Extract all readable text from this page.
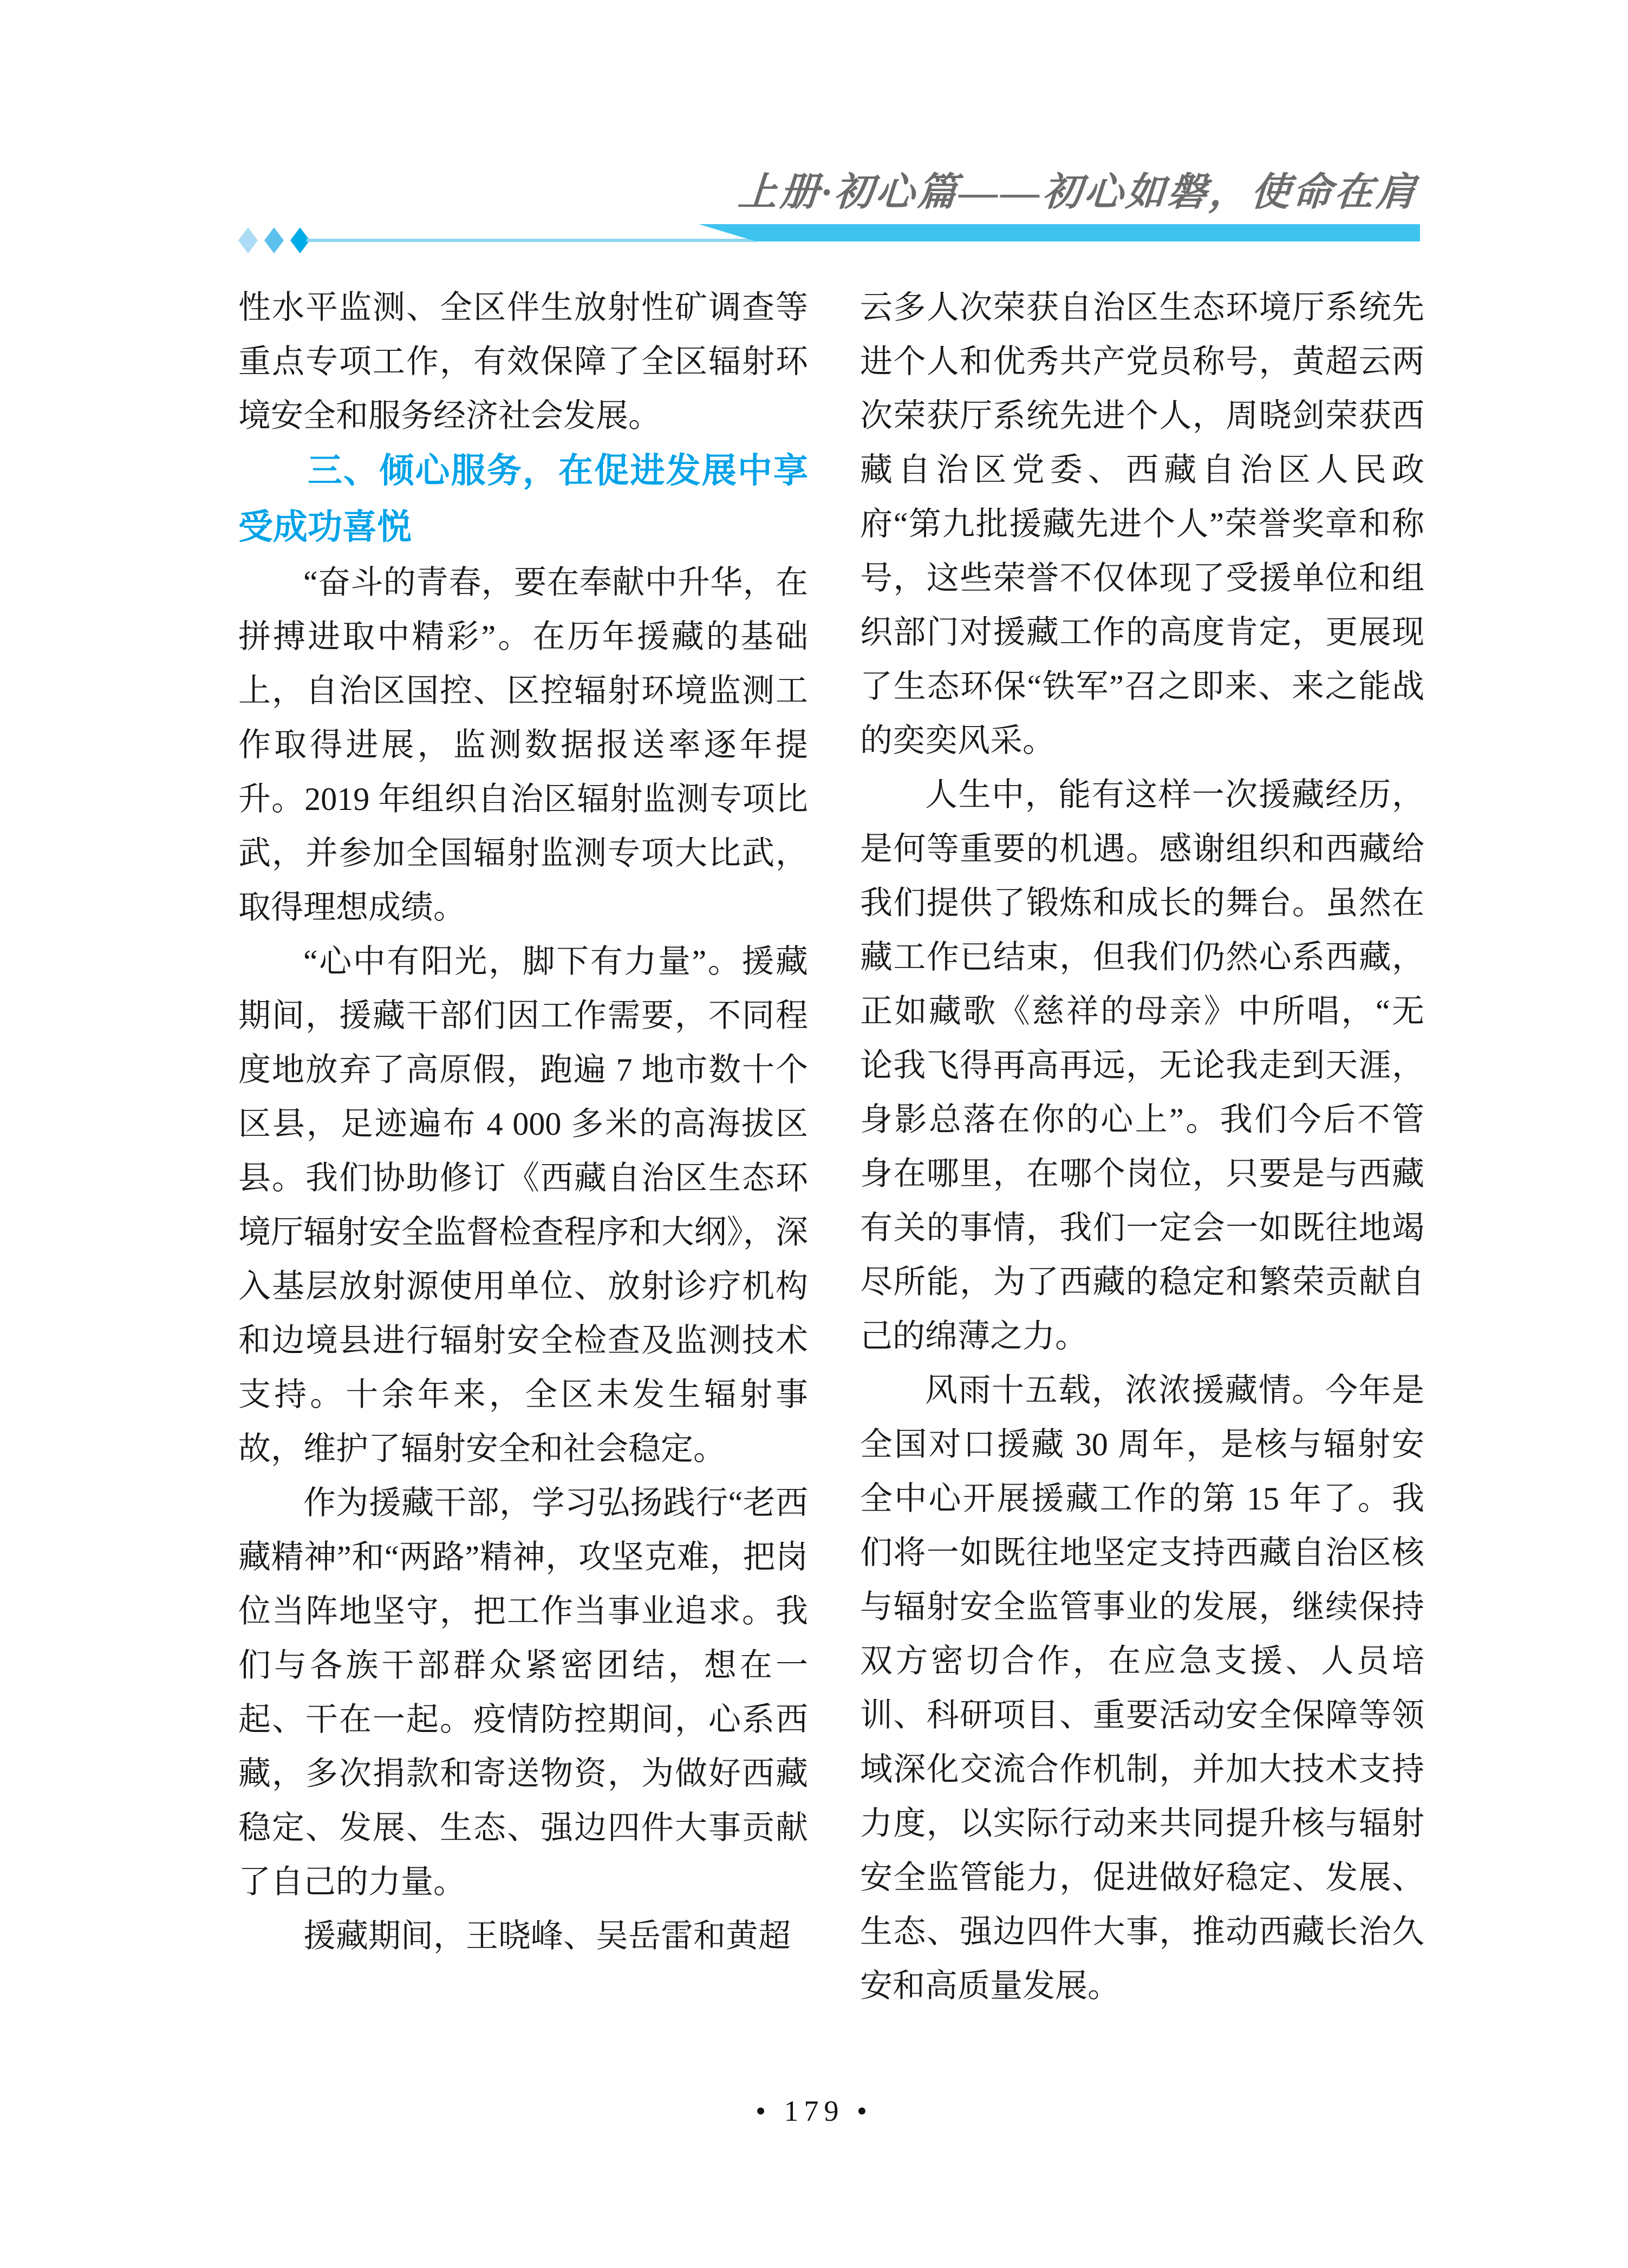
上册·初心篇——初心如磐，使命在肩

性水平监测、全区伴生放射性矿调查等重点专项工作，有效保障了全区辐射环境安全和服务经济社会发展。

三、倾心服务，在促进发展中享受成功喜悦

“奋斗的青春，要在奉献中升华，在拼搏进取中精彩”。在历年援藏的基础上，自治区国控、区控辐射环境监测工作取得进展，监测数据报送率逐年提升。2019 年组织自治区辐射监测专项比武，并参加全国辐射监测专项大比武，取得理想成绩。

“心中有阳光，脚下有力量”。援藏期间，援藏干部们因工作需要，不同程度地放弃了高原假，跑遍 7 地市数十个区县，足迹遍布 4 000 多米的高海拔区县。我们协助修订《西藏自治区生态环境厅辐射安全监督检查程序和大纲》，深入基层放射源使用单位、放射诊疗机构和边境县进行辐射安全检查及监测技术支持。十余年来，全区未发生辐射事故，维护了辐射安全和社会稳定。

作为援藏干部，学习弘扬践行“老西藏精神”和“两路”精神，攻坚克难，把岗位当阵地坚守，把工作当事业追求。我们与各族干部群众紧密团结，想在一起、干在一起。疫情防控期间，心系西藏，多次捐款和寄送物资，为做好西藏稳定、发展、生态、强边四件大事贡献了自己的力量。

援藏期间，王晓峰、吴岳雷和黄超

云多人次荣获自治区生态环境厅系统先进个人和优秀共产党员称号，黄超云两次荣获厅系统先进个人，周晓剑荣获西藏自治区党委、西藏自治区人民政府“第九批援藏先进个人”荣誉奖章和称号，这些荣誉不仅体现了受援单位和组织部门对援藏工作的高度肯定，更展现了生态环保“铁军”召之即来、来之能战的奕奕风采。

人生中，能有这样一次援藏经历，是何等重要的机遇。感谢组织和西藏给我们提供了锻炼和成长的舞台。虽然在藏工作已结束，但我们仍然心系西藏，正如藏歌《慈祥的母亲》中所唱，“无论我飞得再高再远，无论我走到天涯，身影总落在你的心上”。我们今后不管身在哪里，在哪个岗位，只要是与西藏有关的事情，我们一定会一如既往地竭尽所能，为了西藏的稳定和繁荣贡献自己的绵薄之力。

风雨十五载，浓浓援藏情。今年是全国对口援藏 30 周年，是核与辐射安全中心开展援藏工作的第 15 年了。我们将一如既往地坚定支持西藏自治区核与辐射安全监管事业的发展，继续保持双方密切合作，在应急支援、人员培训、科研项目、重要活动安全保障等领域深化交流合作机制，并加大技术支持力度，以实际行动来共同提升核与辐射安全监管能力，促进做好稳定、发展、生态、强边四件大事，推动西藏长治久安和高质量发展。

• 179 •
